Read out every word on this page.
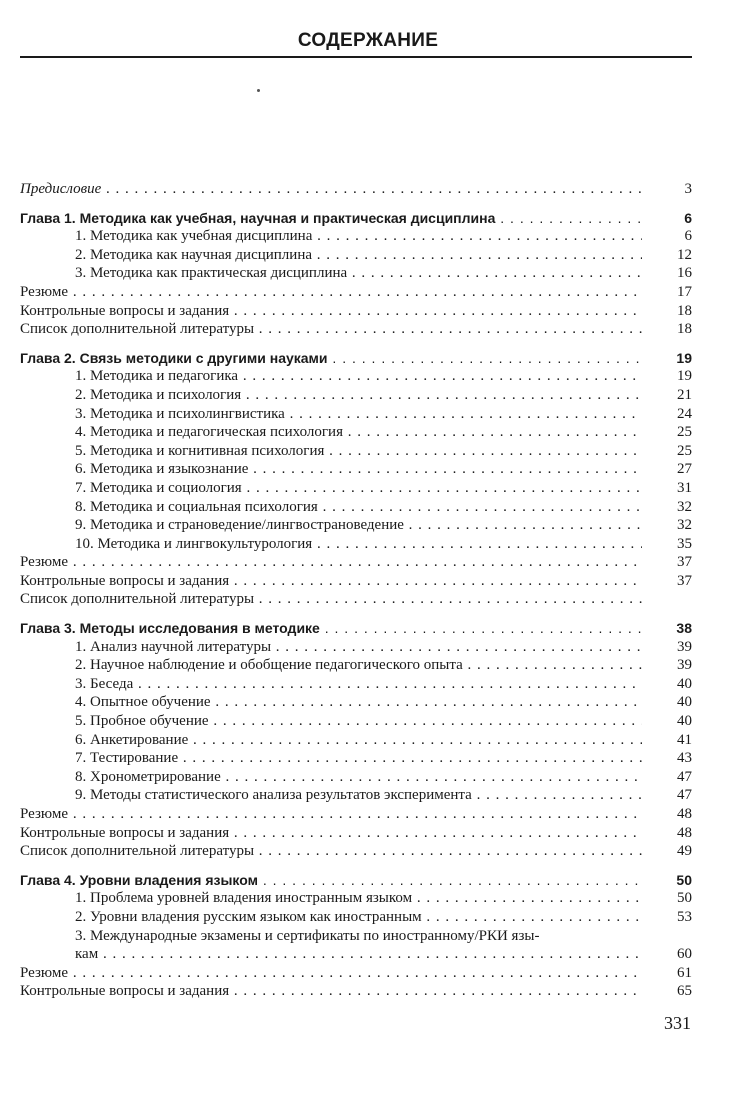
СОДЕРЖАНИЕ
Предисловие . . .	3
Глава 1. Методика как учебная, научная и практическая дисциплина . . .	6
1. Методика как учебная дисциплина . . .	6
2. Методика как научная дисциплина . . .	12
3. Методика как практическая дисциплина . . .	16
Резюме . . .	17
Контрольные вопросы и задания . . .	18
Список дополнительной литературы . . .	18
Глава 2. Связь методики с другими науками . . .	19
1. Методика и педагогика . . .	19
2. Методика и психология . . .	21
3. Методика и психолингвистика . . .	24
4. Методика и педагогическая психология . . .	25
5. Методика и когнитивная психология . . .	25
6. Методика и языкознание . . .	27
7. Методика и социология . . .	31
8. Методика и социальная психология . . .	32
9. Методика и страноведение/лингвострановедение . . .	32
10. Методика и лингвокультурология . . .	35
Резюме . . .	37
Контрольные вопросы и задания . . .	37
Список дополнительной литературы . . .
Глава 3. Методы исследования в методике . . .	38
1. Анализ научной литературы . . .	39
2. Научное наблюдение и обобщение педагогического опыта . . .	39
3. Беседа . . .	40
4. Опытное обучение . . .	40
5. Пробное обучение . . .	40
6. Анкетирование . . .	41
7. Тестирование . . .	43
8. Хронометрирование . . .	47
9. Методы статистического анализа результатов эксперимента . . .	47
Резюме . . .	48
Контрольные вопросы и задания . . .	48
Список дополнительной литературы . . .	49
Глава 4. Уровни владения языком . . .	50
1. Проблема уровней владения иностранным языком . . .	50
2. Уровни владения русским языком как иностранным . . .	53
3. Международные экзамены и сертификаты по иностранному/РКИ язы-
кам . . .	60
Резюме . . .	61
Контрольные вопросы и задания . . .	65
331
